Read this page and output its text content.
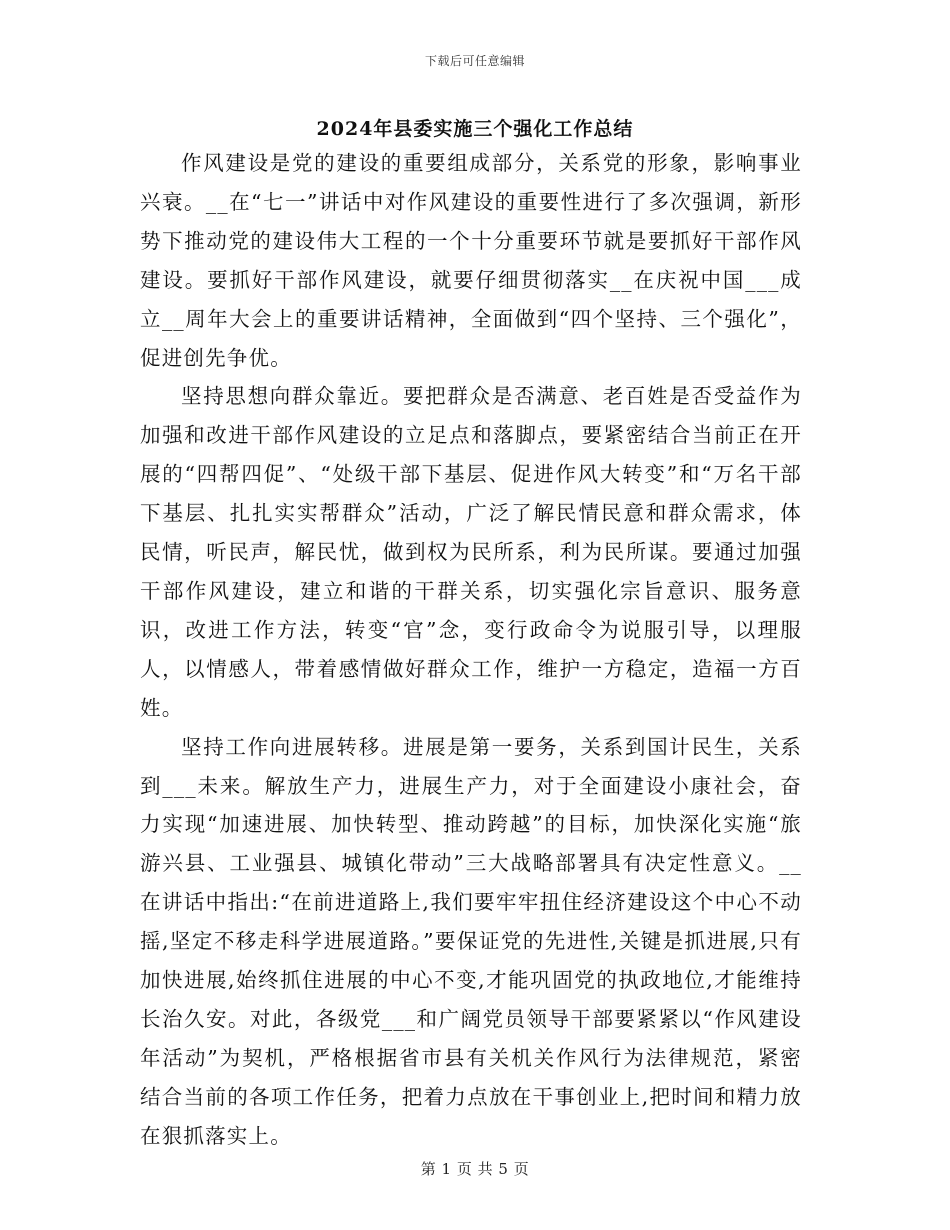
下载后可任意编辑
2024年县委实施三个强化工作总结

作风建设是党的建设的重要组成部分，关系党的形象，影响事业兴衰。__在“七一”讲话中对作风建设的重要性进行了多次强调，新形势下推动党的建设伟大工程的一个十分重要环节就是要抓好干部作风建设。要抓好干部作风建设，就要仔细贯彻落实__在庆祝中国___成立__周年大会上的重要讲话精神，全面做到“四个坚持、三个强化”，促进创先争优。

坚持思想向群众靠近。要把群众是否满意、老百姓是否受益作为加强和改进干部作风建设的立足点和落脚点，要紧密结合当前正在开展的“四帮四促”、“处级干部下基层、促进作风大转变”和“万名干部下基层、扎扎实实帮群众”活动，广泛了解民情民意和群众需求，体民情，听民声，解民忧，做到权为民所系，利为民所谋。要通过加强干部作风建设，建立和谐的干群关系，切实强化宗旨意识、服务意识，改进工作方法，转变“官”念，变行政命令为说服引导，以理服人，以情感人，带着感情做好群众工作，维护一方稳定，造福一方百姓。

坚持工作向进展转移。进展是第一要务，关系到国计民生，关系到___未来。解放生产力，进展生产力，对于全面建设小康社会，奋力实现“加速进展、加快转型、推动跨越”的目标，加快深化实施“旅游兴县、工业强县、城镇化带动”三大战略部署具有决定性意义。__在讲话中指出:“在前进道路上,我们要牢牢扭住经济建设这个中心不动摇,坚定不移走科学进展道路。”要保证党的先进性,关键是抓进展,只有加快进展,始终抓住进展的中心不变,才能巩固党的执政地位,才能维持长治久安。对此，各级党___和广阔党员领导干部要紧紧以“作风建设年活动”为契机，严格根据省市县有关机关作风行为法律规范，紧密结合当前的各项工作任务，把着力点放在干事创业上,把时间和精力放在狠抓落实上。

第 1 页 共 5 页
